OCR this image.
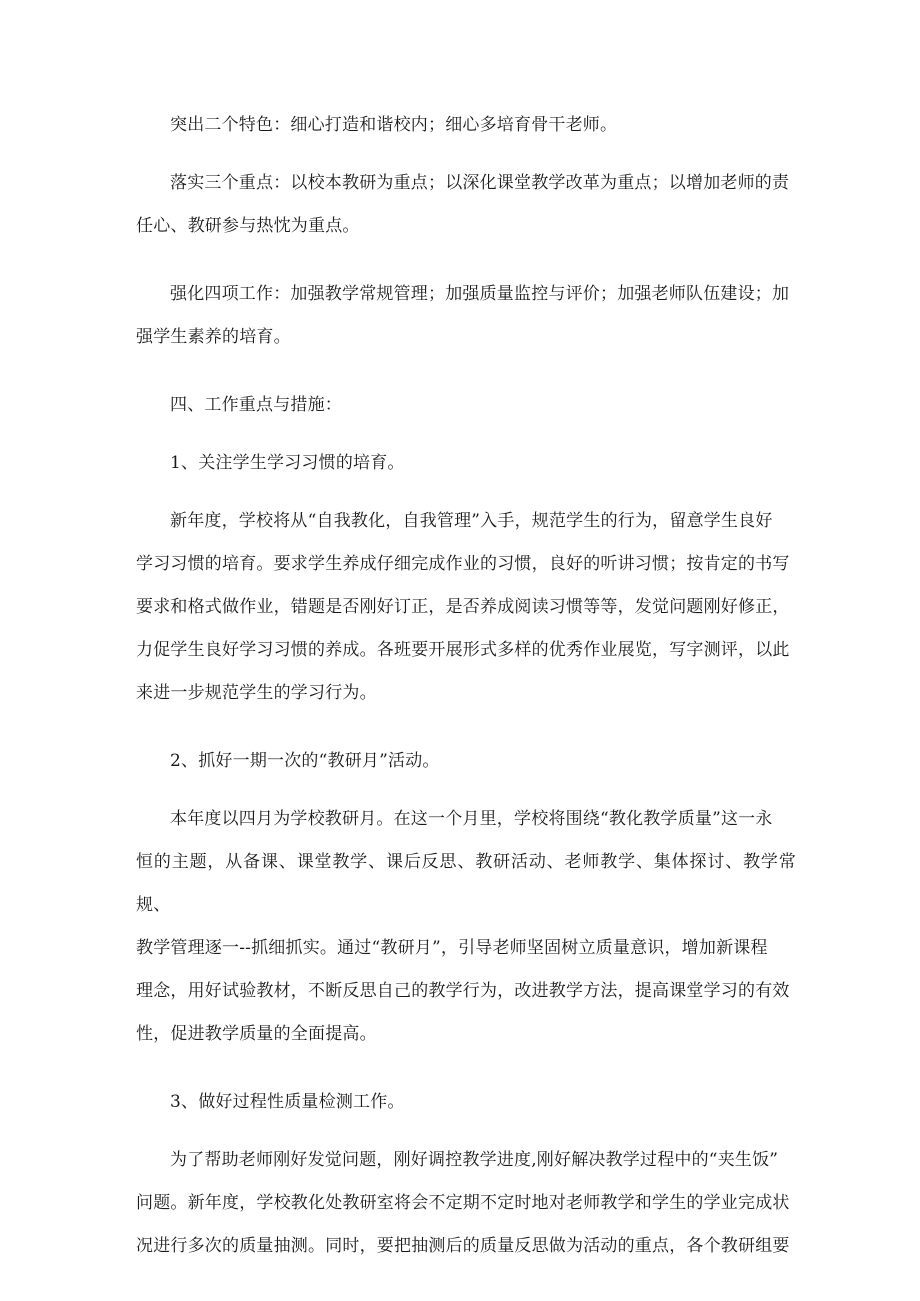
突出二个特色：细心打造和谐校内；细心多培育骨干老师。

落实三个重点：以校本教研为重点；以深化课堂教学改革为重点；以增加老师的责
任心、教研参与热忱为重点。

强化四项工作：加强教学常规管理；加强质量监控与评价；加强老师队伍建设；加
强学生素养的培育。

四、工作重点与措施：

1、关注学生学习习惯的培育。

新年度，学校将从“自我教化，自我管理”入手，规范学生的行为，留意学生良好
学习习惯的培育。要求学生养成仔细完成作业的习惯，良好的听讲习惯；按肯定的书写
要求和格式做作业，错题是否刚好订正，是否养成阅读习惯等等，发觉问题刚好修正，
力促学生良好学习习惯的养成。各班要开展形式多样的优秀作业展览，写字测评，以此
来进一步规范学生的学习行为。

2、抓好一期一次的“教研月”活动。

本年度以四月为学校教研月。在这一个月里，学校将围绕“教化教学质量”这一永
恒的主题，从备课、课堂教学、课后反思、教研活动、老师教学、集体探讨、教学常规、
教学管理逐一--抓细抓实。通过“教研月”，引导老师坚固树立质量意识，增加新课程
理念，用好试验教材，不断反思自己的教学行为，改进教学方法，提高课堂学习的有效
性，促进教学质量的全面提高。

3、做好过程性质量检测工作。

为了帮助老师刚好发觉问题，刚好调控教学进度,刚好解决教学过程中的“夹生饭”
问题。新年度，学校教化处教研室将会不定期不定时地对老师教学和学生的学业完成状
况进行多次的质量抽测。同时，要把抽测后的质量反思做为活动的重点，各个教研组要
